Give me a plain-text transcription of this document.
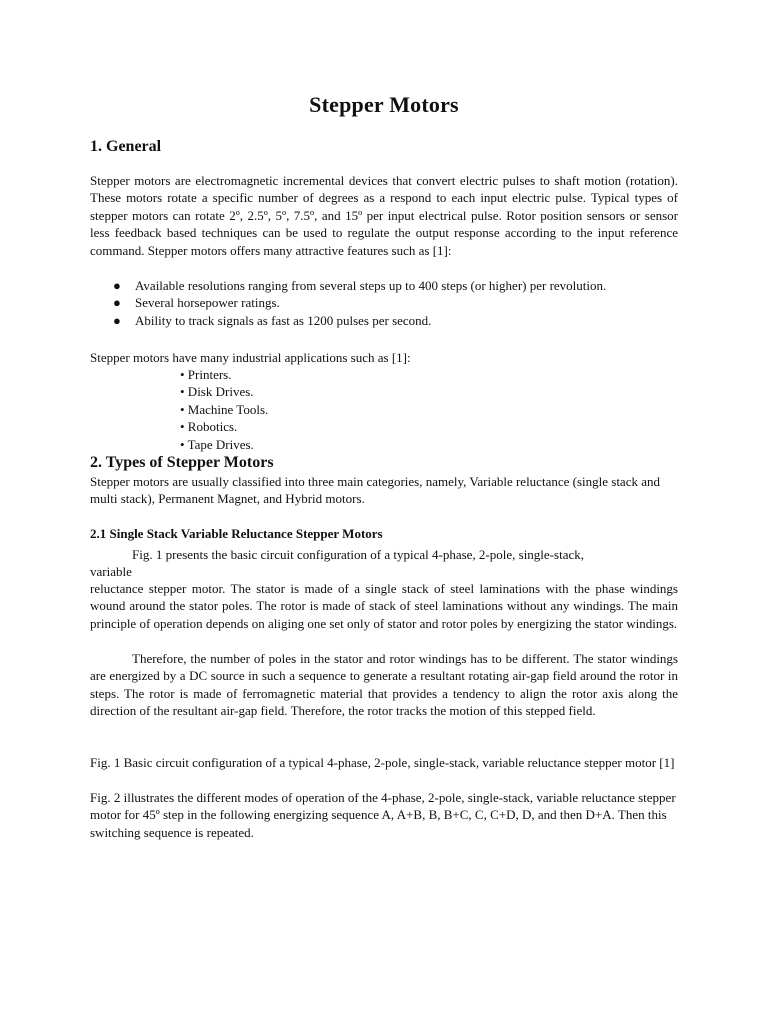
Stepper Motors
1. General

Stepper motors are electromagnetic incremental devices that convert electric pulses to shaft motion (rotation). These motors rotate a specific number of degrees as a respond to each input electric pulse. Typical types of stepper motors can rotate 2º, 2.5º, 5º, 7.5º, and 15º per input electrical pulse. Rotor position sensors or sensor less feedback based techniques can be used to regulate the output response according to the input reference command. Stepper motors offers many attractive features such as [1]:

● Available resolutions ranging from several steps up to 400 steps (or higher) per revolution.
● Several horsepower ratings.
● Ability to track signals as fast as 1200 pulses per second.

Stepper motors have many industrial applications such as [1]:

• Printers.
• Disk Drives.
• Machine Tools.
• Robotics.
• Tape Drives.
2. Types of Stepper Motors

Stepper motors are usually classified into three main categories, namely, Variable reluctance (single stack and multi stack), Permanent Magnet, and Hybrid motors.

2.1 Single Stack Variable Reluctance Stepper Motors

Fig. 1 presents the basic circuit configuration of a typical 4-phase, 2-pole, single-stack,

variable

reluctance stepper motor. The stator is made of a single stack of steel laminations with the phase windings wound around the stator poles. The rotor is made of stack of steel laminations without any windings. The main principle of operation depends on aliging one set only of stator and rotor poles by energizing the stator windings.

Therefore, the number of poles in the stator and rotor windings has to be different. The stator windings are energized by a DC source in such a sequence to generate a resultant rotating air-gap field around the rotor in steps. The rotor is made of ferromagnetic material that provides a tendency to align the rotor axis along the direction of the resultant air-gap field. Therefore, the rotor tracks the motion of this stepped field.

Fig. 1 Basic circuit configuration of a typical 4-phase, 2-pole, single-stack, variable reluctance stepper motor [1]

Fig. 2 illustrates the different modes of operation of the 4-phase, 2-pole, single-stack, variable reluctance stepper motor for 45º step in the following energizing sequence A, A+B, B, B+C, C, C+D, D, and then D+A. Then this switching sequence is repeated.
